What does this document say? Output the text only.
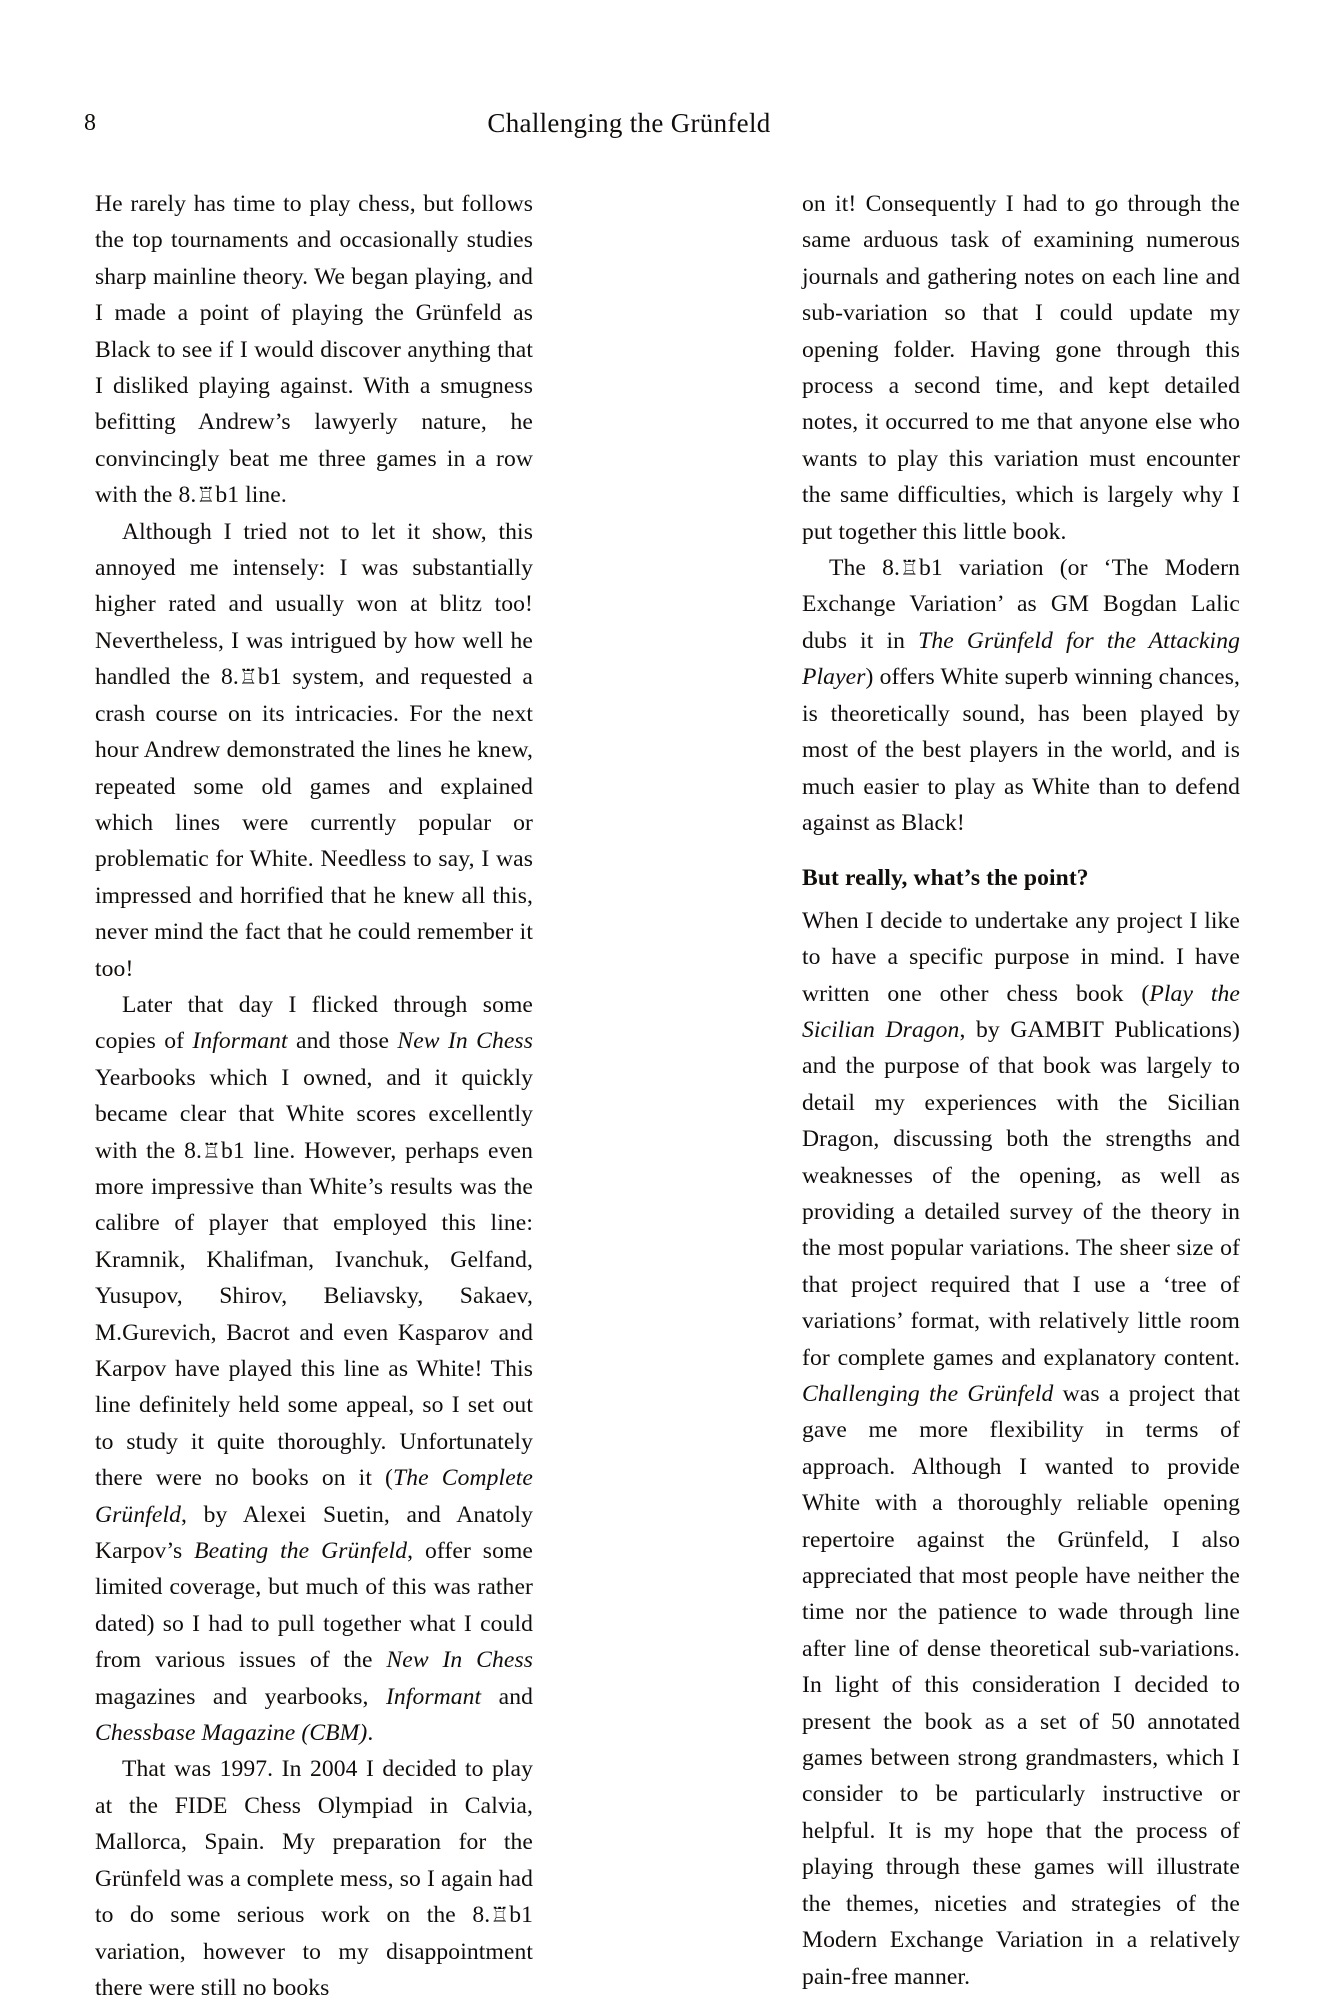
8	Challenging the Grünfeld

He rarely has time to play chess, but follows the top tournaments and occasionally studies sharp mainline theory. We began playing, and I made a point of playing the Grünfeld as Black to see if I would discover anything that I disliked playing against. With a smugness befitting Andrew’s lawyerly nature, he convincingly beat me three games in a row with the 8.♖b1 line.

Although I tried not to let it show, this annoyed me intensely: I was substantially higher rated and usually won at blitz too! Nevertheless, I was intrigued by how well he handled the 8.♖b1 system, and requested a crash course on its intricacies. For the next hour Andrew demonstrated the lines he knew, repeated some old games and explained which lines were currently popular or problematic for White. Needless to say, I was impressed and horrified that he knew all this, never mind the fact that he could remember it too!

Later that day I flicked through some copies of Informant and those New In Chess Yearbooks which I owned, and it quickly became clear that White scores excellently with the 8.♖b1 line. However, perhaps even more impressive than White’s results was the calibre of player that employed this line: Kramnik, Khalifman, Ivanchuk, Gelfand, Yusupov, Shirov, Beliavsky, Sakaev, M.Gurevich, Bacrot and even Kasparov and Karpov have played this line as White! This line definitely held some appeal, so I set out to study it quite thoroughly. Unfortunately there were no books on it (The Complete Grünfeld, by Alexei Suetin, and Anatoly Karpov’s Beating the Grünfeld, offer some limited coverage, but much of this was rather dated) so I had to pull together what I could from various issues of the New In Chess magazines and yearbooks, Informant and Chessbase Magazine (CBM).

That was 1997. In 2004 I decided to play at the FIDE Chess Olympiad in Calvia, Mallorca, Spain. My preparation for the Grünfeld was a complete mess, so I again had to do some serious work on the 8.♖b1 variation, however to my disappointment there were still no books

on it! Consequently I had to go through the same arduous task of examining numerous journals and gathering notes on each line and sub-variation so that I could update my opening folder. Having gone through this process a second time, and kept detailed notes, it occurred to me that anyone else who wants to play this variation must encounter the same difficulties, which is largely why I put together this little book.

The 8.♖b1 variation (or ‘The Modern Exchange Variation’ as GM Bogdan Lalic dubs it in The Grünfeld for the Attacking Player) offers White superb winning chances, is theoretically sound, has been played by most of the best players in the world, and is much easier to play as White than to defend against as Black!

But really, what’s the point?

When I decide to undertake any project I like to have a specific purpose in mind. I have written one other chess book (Play the Sicilian Dragon, by GAMBIT Publications) and the purpose of that book was largely to detail my experiences with the Sicilian Dragon, discussing both the strengths and weaknesses of the opening, as well as providing a detailed survey of the theory in the most popular variations. The sheer size of that project required that I use a ‘tree of variations’ format, with relatively little room for complete games and explanatory content. Challenging the Grünfeld was a project that gave me more flexibility in terms of approach. Although I wanted to provide White with a thoroughly reliable opening repertoire against the Grünfeld, I also appreciated that most people have neither the time nor the patience to wade through line after line of dense theoretical sub-variations. In light of this consideration I decided to present the book as a set of 50 annotated games between strong grandmasters, which I consider to be particularly instructive or helpful. It is my hope that the process of playing through these games will illustrate the themes, niceties and strategies of the Modern Exchange Variation in a relatively pain-free manner.
